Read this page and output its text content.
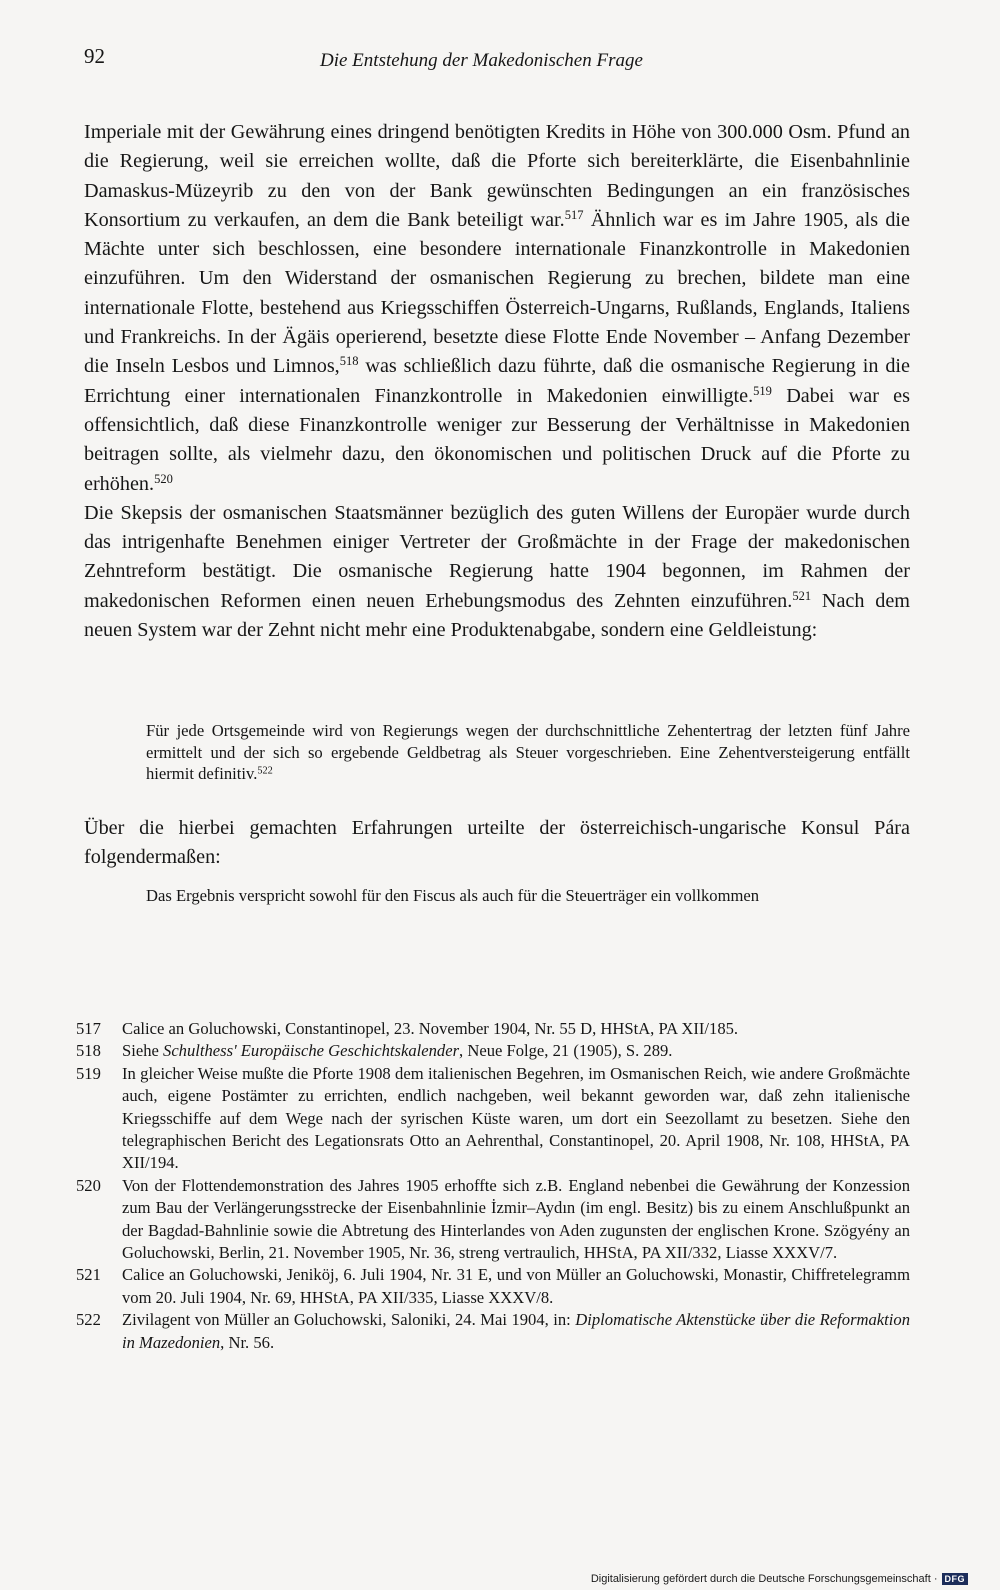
92	Die Entstehung der Makedonischen Frage

Imperiale mit der Gewährung eines dringend benötigten Kredits in Höhe von 300.000 Osm. Pfund an die Regierung, weil sie erreichen wollte, daß die Pforte sich bereiterklärte, die Eisenbahnlinie Damaskus-Müzeyrib zu den von der Bank gewünschten Bedingungen an ein französisches Konsortium zu verkaufen, an dem die Bank beteiligt war.$^{517}$ Ähnlich war es im Jahre 1905, als die Mächte unter sich beschlossen, eine besondere internationale Finanzkontrolle in Makedonien einzuführen. Um den Widerstand der osmanischen Regierung zu brechen, bildete man eine internationale Flotte, bestehend aus Kriegsschiffen Österreich-Ungarns, Rußlands, Englands, Italiens und Frankreichs. In der Ägäis operierend, besetzte diese Flotte Ende November – Anfang Dezember die Inseln Lesbos und Limnos,$^{518}$ was schließlich dazu führte, daß die osmanische Regierung in die Errichtung einer internationalen Finanzkontrolle in Makedonien einwilligte.$^{519}$ Dabei war es offensichtlich, daß diese Finanzkontrolle weniger zur Besserung der Verhältnisse in Makedonien beitragen sollte, als vielmehr dazu, den ökonomischen und politischen Druck auf die Pforte zu erhöhen.$^{520}$

Die Skepsis der osmanischen Staatsmänner bezüglich des guten Willens der Europäer wurde durch das intrigenhafte Benehmen einiger Vertreter der Großmächte in der Frage der makedonischen Zehntreform bestätigt. Die osmanische Regierung hatte 1904 begonnen, im Rahmen der makedonischen Reformen einen neuen Erhebungsmodus des Zehnten einzuführen.$^{521}$ Nach dem neuen System war der Zehnt nicht mehr eine Produktenabgabe, sondern eine Geldleistung:

Für jede Ortsgemeinde wird von Regierungs wegen der durchschnittliche Zehentertrag der letzten fünf Jahre ermittelt und der sich so ergebende Geldbetrag als Steuer vorgeschrieben. Eine Zehentversteigerung entfällt hiermit definitiv.$^{522}$

Über die hierbei gemachten Erfahrungen urteilte der österreichisch-ungarische Konsul Pára folgendermaßen:

Das Ergebnis verspricht sowohl für den Fiscus als auch für die Steuerträger ein vollkommen

517 Calice an Goluchowski, Constantinopel, 23. November 1904, Nr. 55 D, HHStA, PA XII/185.

518 Siehe Schulthess' Europäische Geschichtskalender, Neue Folge, 21 (1905), S. 289.

519 In gleicher Weise mußte die Pforte 1908 dem italienischen Begehren, im Osmanischen Reich, wie andere Großmächte auch, eigene Postämter zu errichten, endlich nachgeben, weil bekannt geworden war, daß zehn italienische Kriegsschiffe auf dem Wege nach der syrischen Küste waren, um dort ein Seezollamt zu besetzen. Siehe den telegraphischen Bericht des Legationsrats Otto an Aehrenthal, Constantinopel, 20. April 1908, Nr. 108, HHStA, PA XII/194.

520 Von der Flottendemonstration des Jahres 1905 erhoffte sich z.B. England nebenbei die Gewährung der Konzession zum Bau der Verlängerungsstrecke der Eisenbahnlinie İzmir–Aydın (im engl. Besitz) bis zu einem Anschlußpunkt an der Bagdad-Bahnlinie sowie die Abtretung des Hinterlandes von Aden zugunsten der englischen Krone. Szögyény an Goluchowski, Berlin, 21. November 1905, Nr. 36, streng vertraulich, HHStA, PA XII/332, Liasse XXXV/7.

521 Calice an Goluchowski, Jeniköj, 6. Juli 1904, Nr. 31 E, und von Müller an Goluchowski, Monastir, Chiffretelegramm vom 20. Juli 1904, Nr. 69, HHStA, PA XII/335, Liasse XXXV/8.

522 Zivilagent von Müller an Goluchowski, Saloniki, 24. Mai 1904, in: Diplomatische Aktenstücke über die Reformaktion in Mazedonien, Nr. 56.

Digitalisierung gefördert durch die Deutsche Forschungsgemeinschaft · DFG
